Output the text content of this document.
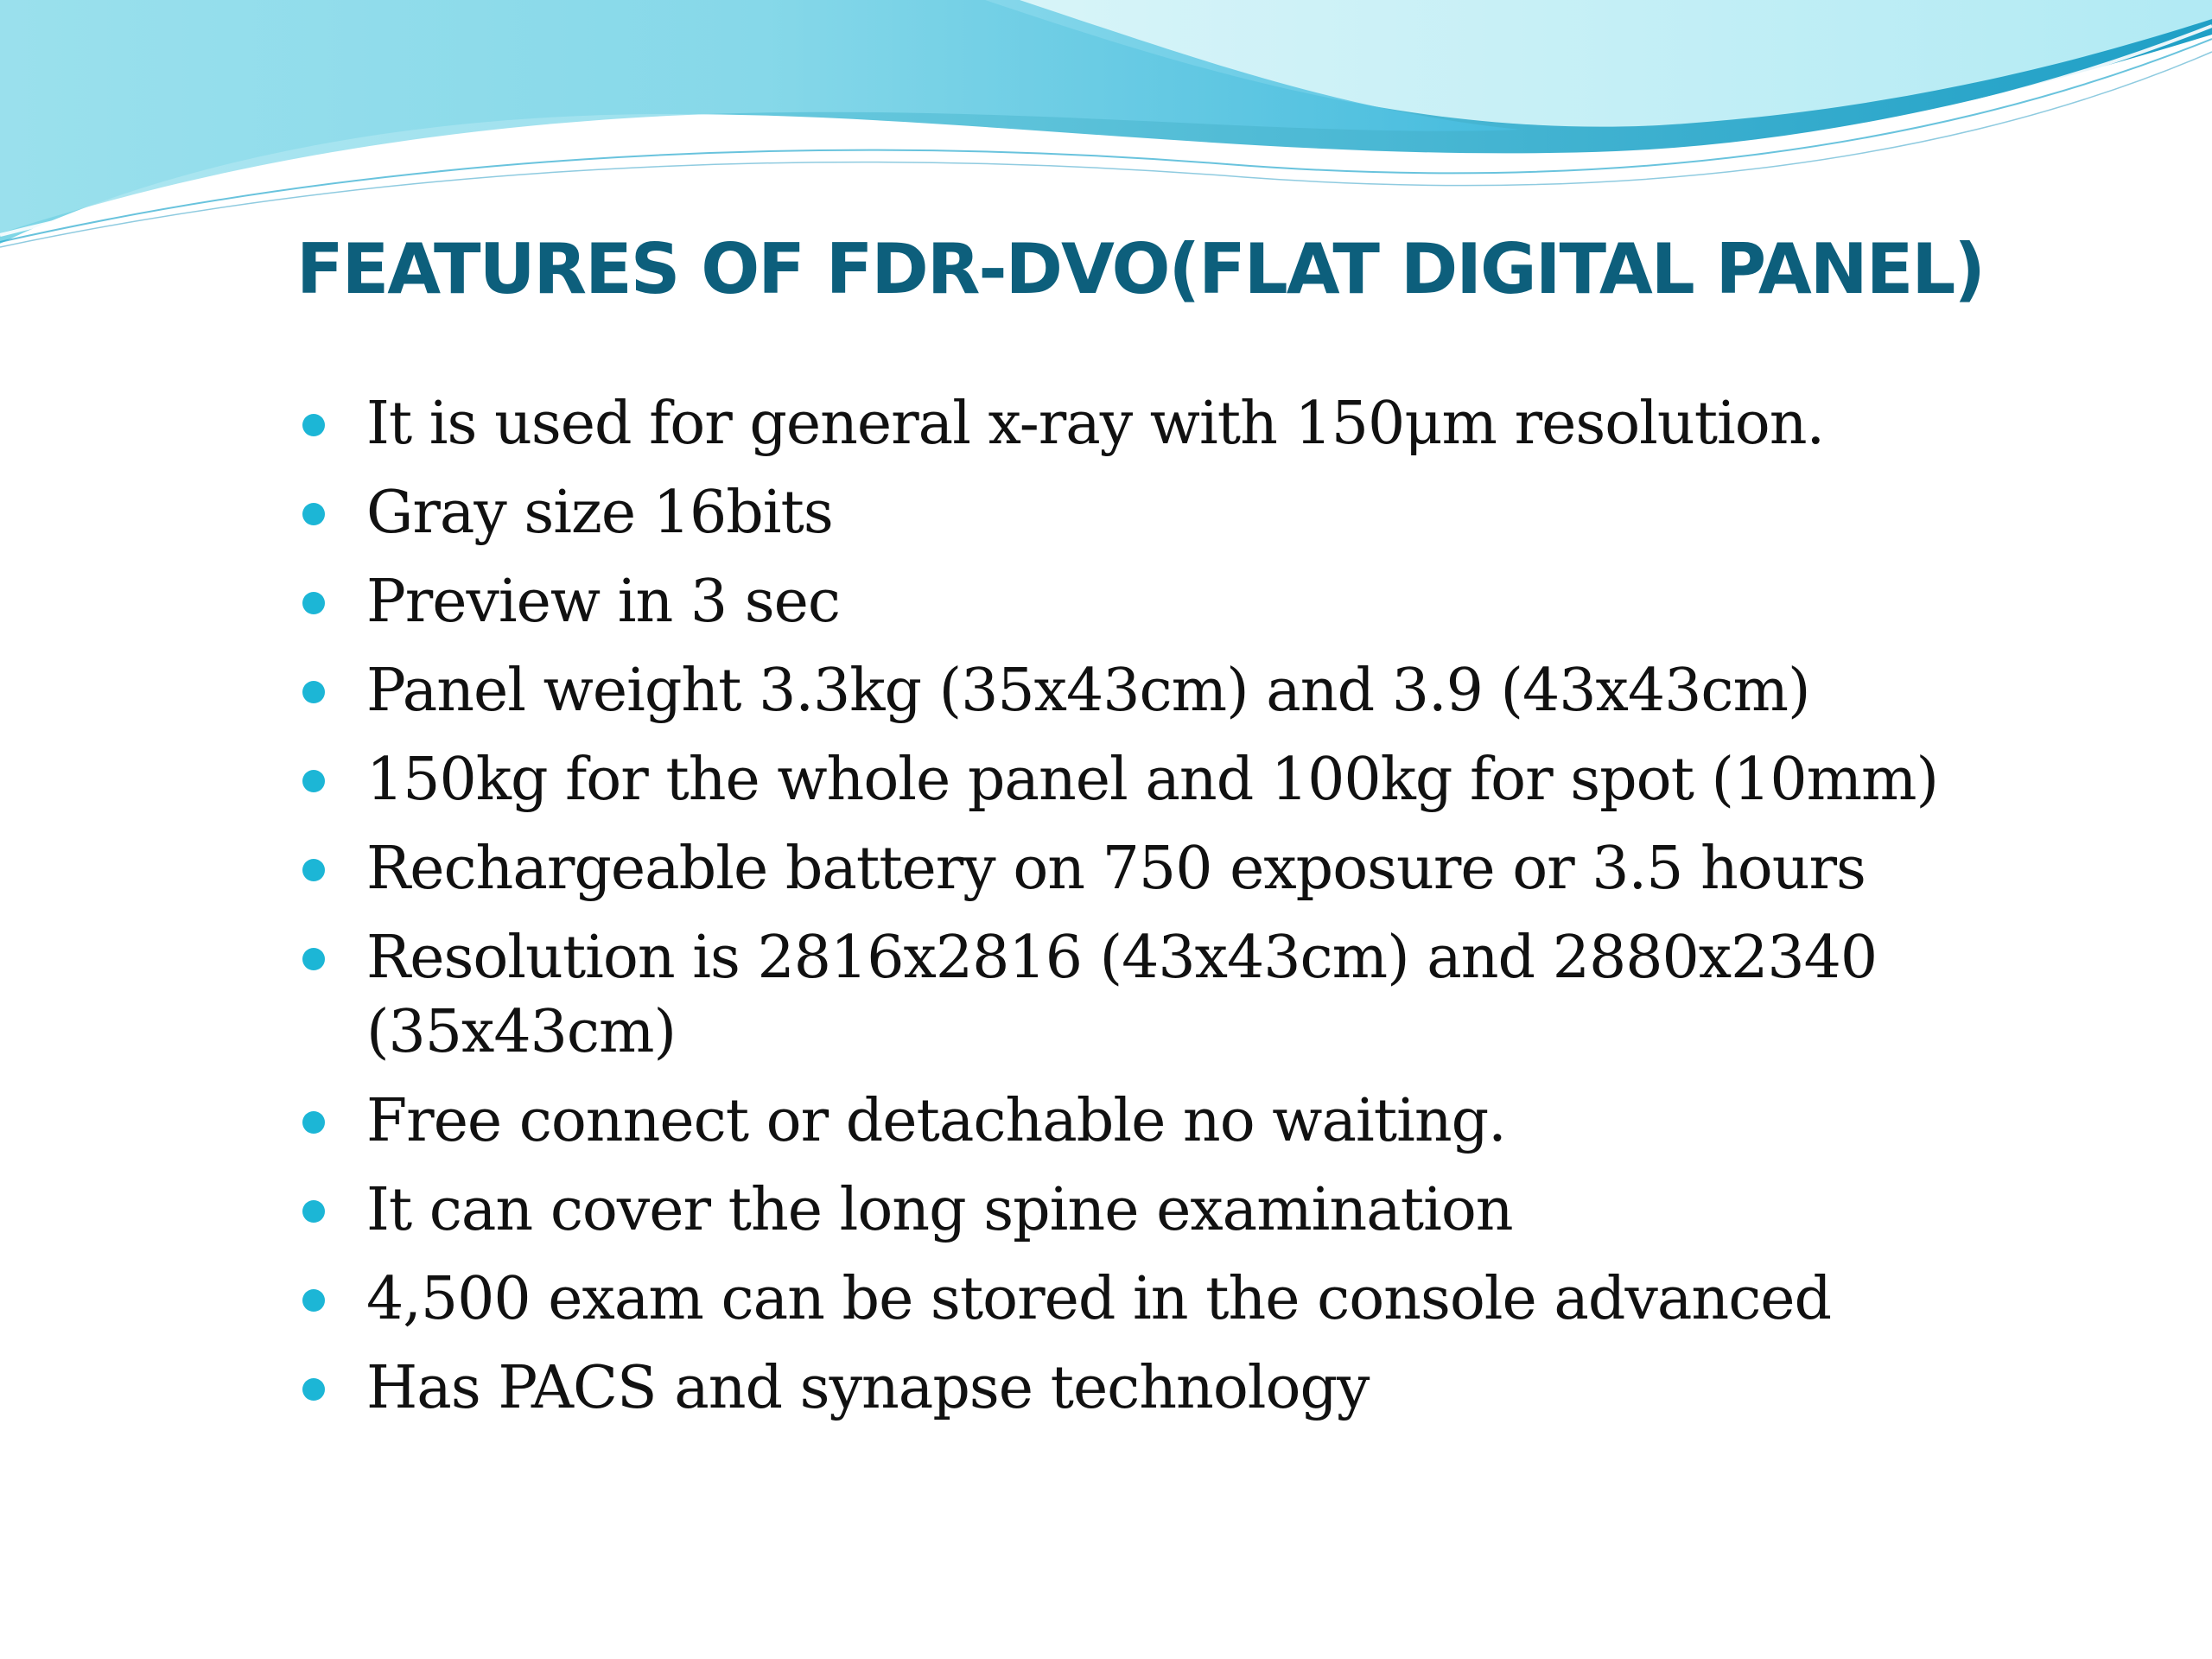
FEATURES OF FDR-DVO(FLAT DIGITAL PANEL)
It is used for general x-ray with 150μm resolution.
Gray size 16bits
Preview in 3 sec
Panel weight 3.3kg (35x43cm) and 3.9 (43x43cm)
150kg for the whole panel and 100kg for spot (10mm)
Rechargeable battery on 750 exposure or 3.5 hours
Resolution is 2816x2816 (43x43cm) and 2880x2340 (35x43cm)
Free connect or detachable no waiting.
It can cover the long spine examination
4,500 exam can be stored in the console advanced
Has PACS and synapse technology
